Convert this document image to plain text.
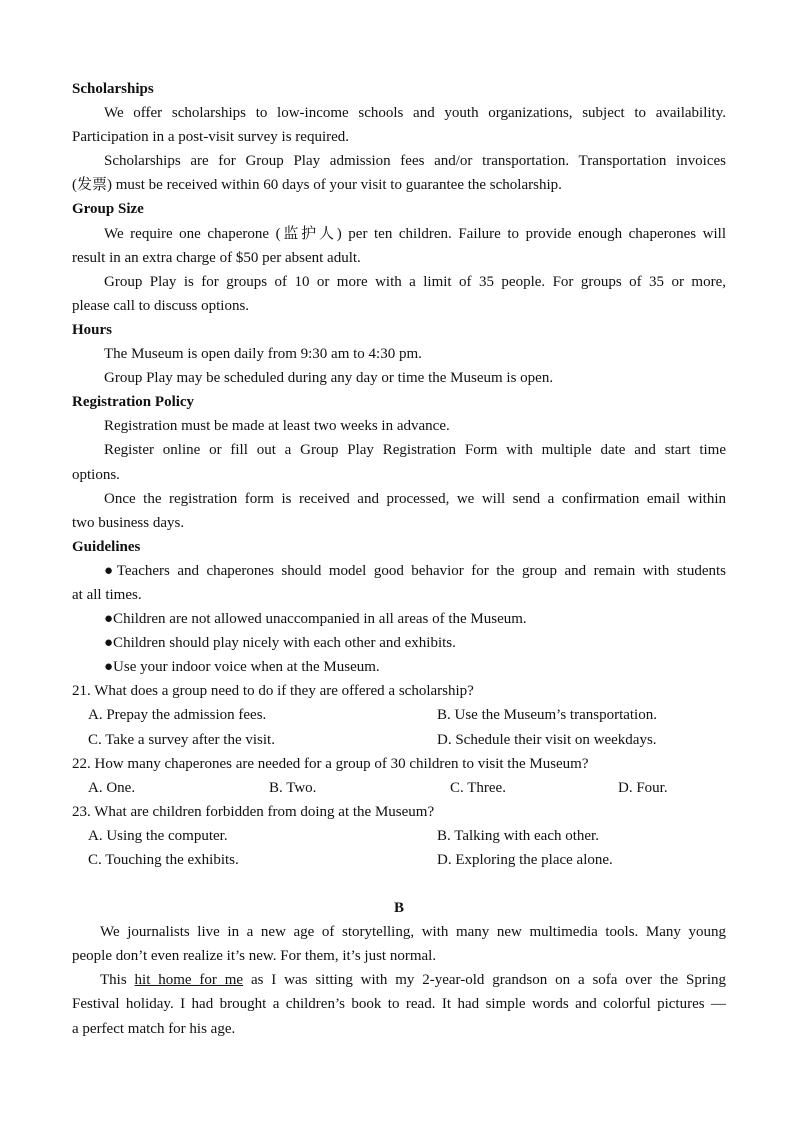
Scholarships
We offer scholarships to low-income schools and youth organizations, subject to availability.
Participation in a post-visit survey is required.
Scholarships are for Group Play admission fees and/or transportation. Transportation invoices
(发票) must be received within 60 days of your visit to guarantee the scholarship.
Group Size
We require one chaperone (监护人) per ten children. Failure to provide enough chaperones will
result in an extra charge of $50 per absent adult.
Group Play is for groups of 10 or more with a limit of 35 people. For groups of 35 or more,
please call to discuss options.
Hours
The Museum is open daily from 9:30 am to 4:30 pm.
Group Play may be scheduled during any day or time the Museum is open.
Registration Policy
Registration must be made at least two weeks in advance.
Register online or fill out a Group Play Registration Form with multiple date and start time
options.
Once the registration form is received and processed, we will send a confirmation email within
two business days.
Guidelines
●Teachers and chaperones should model good behavior for the group and remain with students
at all times.
●Children are not allowed unaccompanied in all areas of the Museum.
●Children should play nicely with each other and exhibits.
●Use your indoor voice when at the Museum.
21. What does a group need to do if they are offered a scholarship?
A. Prepay the admission fees.	B. Use the Museum’s transportation.
C. Take a survey after the visit.	D. Schedule their visit on weekdays.
22. How many chaperones are needed for a group of 30 children to visit the Museum?
A. One.	B. Two.	C. Three.	D. Four.
23. What are children forbidden from doing at the Museum?
A. Using the computer.	B. Talking with each other.
C. Touching the exhibits.	D. Exploring the place alone.
B
We journalists live in a new age of storytelling, with many new multimedia tools. Many young
people don’t even realize it’s new. For them, it’s just normal.
This hit home for me as I was sitting with my 2-year-old grandson on a sofa over the Spring
Festival holiday. I had brought a children’s book to read. It had simple words and colorful pictures —
a perfect match for his age.
